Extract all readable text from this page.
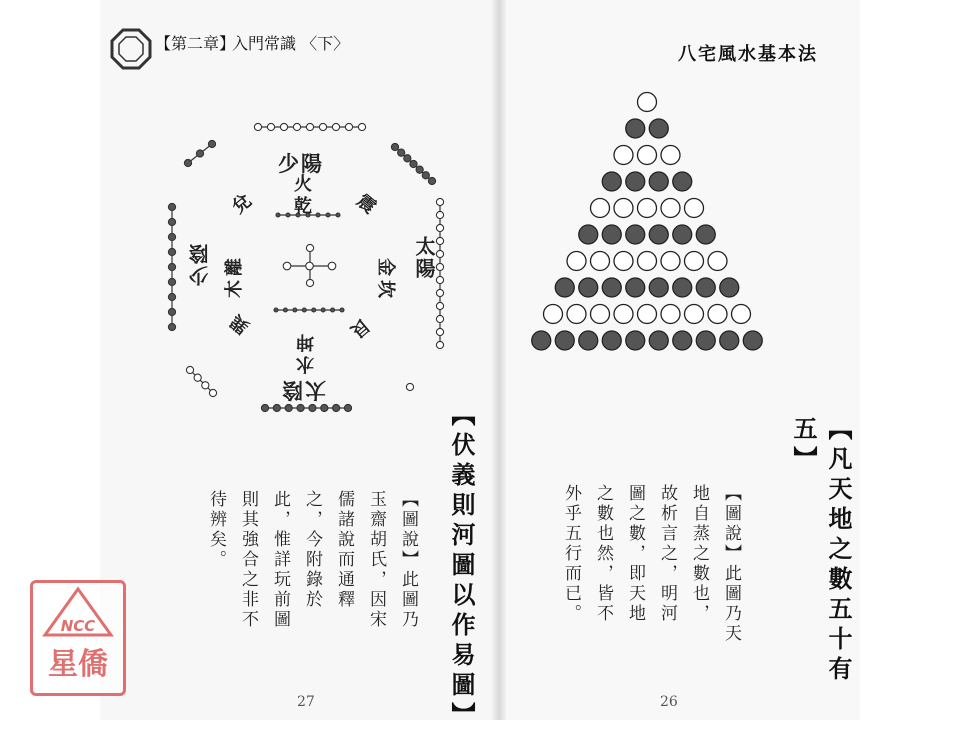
【第二章】
入門常識 〈下〉
少陽
火
乾
兌	震
太陽
金
坎
少陰 離
木
巽	艮
坤
水
太陰
【伏義則河圖以作易圖】
【圖說】此圖乃
玉齋胡氏，因宋
儒諸說而通釋
之，今附錄於
此，惟詳玩前圖
則其強合之非不
待辨矣。
27
八宅風水基本法
【凡天地之數五十有五】
【圖說】此圖乃天
地自蒸之數也，
故析言之，明河
圖之數，即天地
之數也然，皆不
外乎五行而已。
26
NCC
星僑
